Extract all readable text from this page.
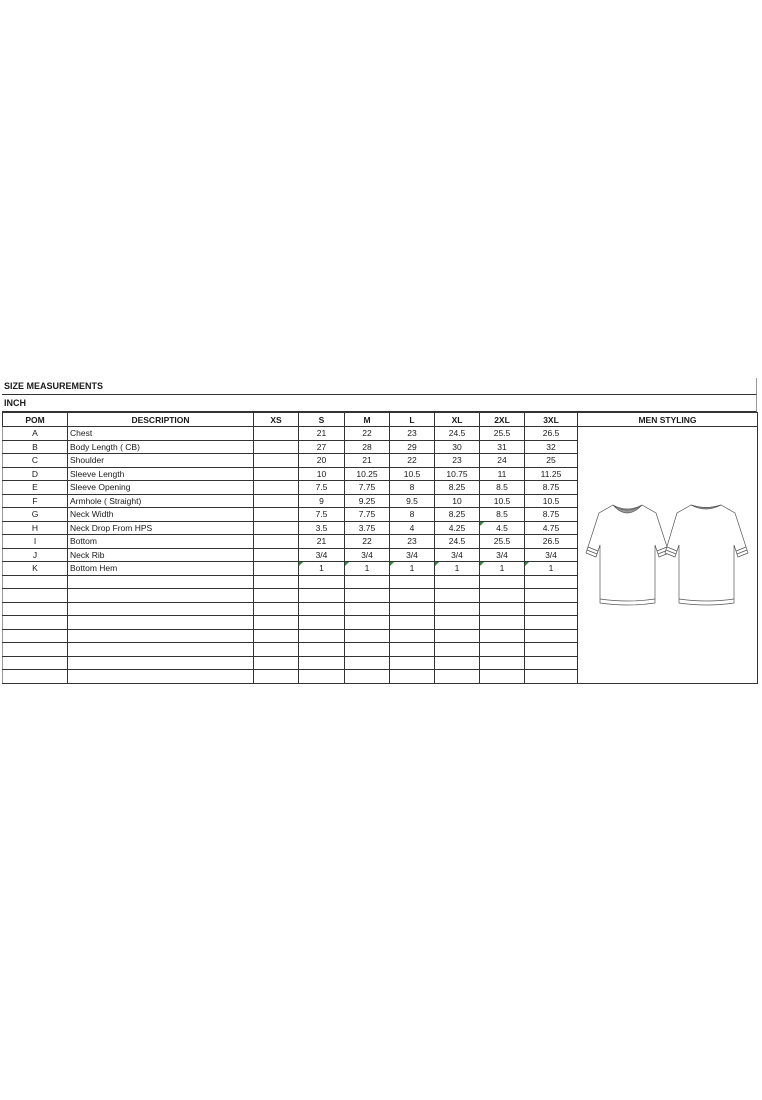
SIZE MEASUREMENTS
INCH
POM	DESCRIPTION	XS	S	M	L	XL	2XL	3XL	MEN STYLING
A	Chest		21	22	23	24.5	25.5	26.5	

B	Body Length ( CB)		27	28	29	30	31	32	
C	Shoulder		20	21	22	23	24	25	
D	Sleeve Length		10	10.25	10.5	10.75	11	11.25	
E	Sleeve Opening		7.5	7.75	8	8.25	8.5	8.75	
F	Armhole ( Straight)		9	9.25	9.5	10	10.5	10.5	
G	Neck Width		7.5	7.75	8	8.25	8.5	8.75	
H	Neck Drop From HPS		3.5	3.75	4	4.25	4.5	4.75	
I	Bottom		21	22	23	24.5	25.5	26.5	
J	Neck Rib		3/4	3/4	3/4	3/4	3/4	3/4	
K	Bottom Hem		1	1	1	1	1	1	
